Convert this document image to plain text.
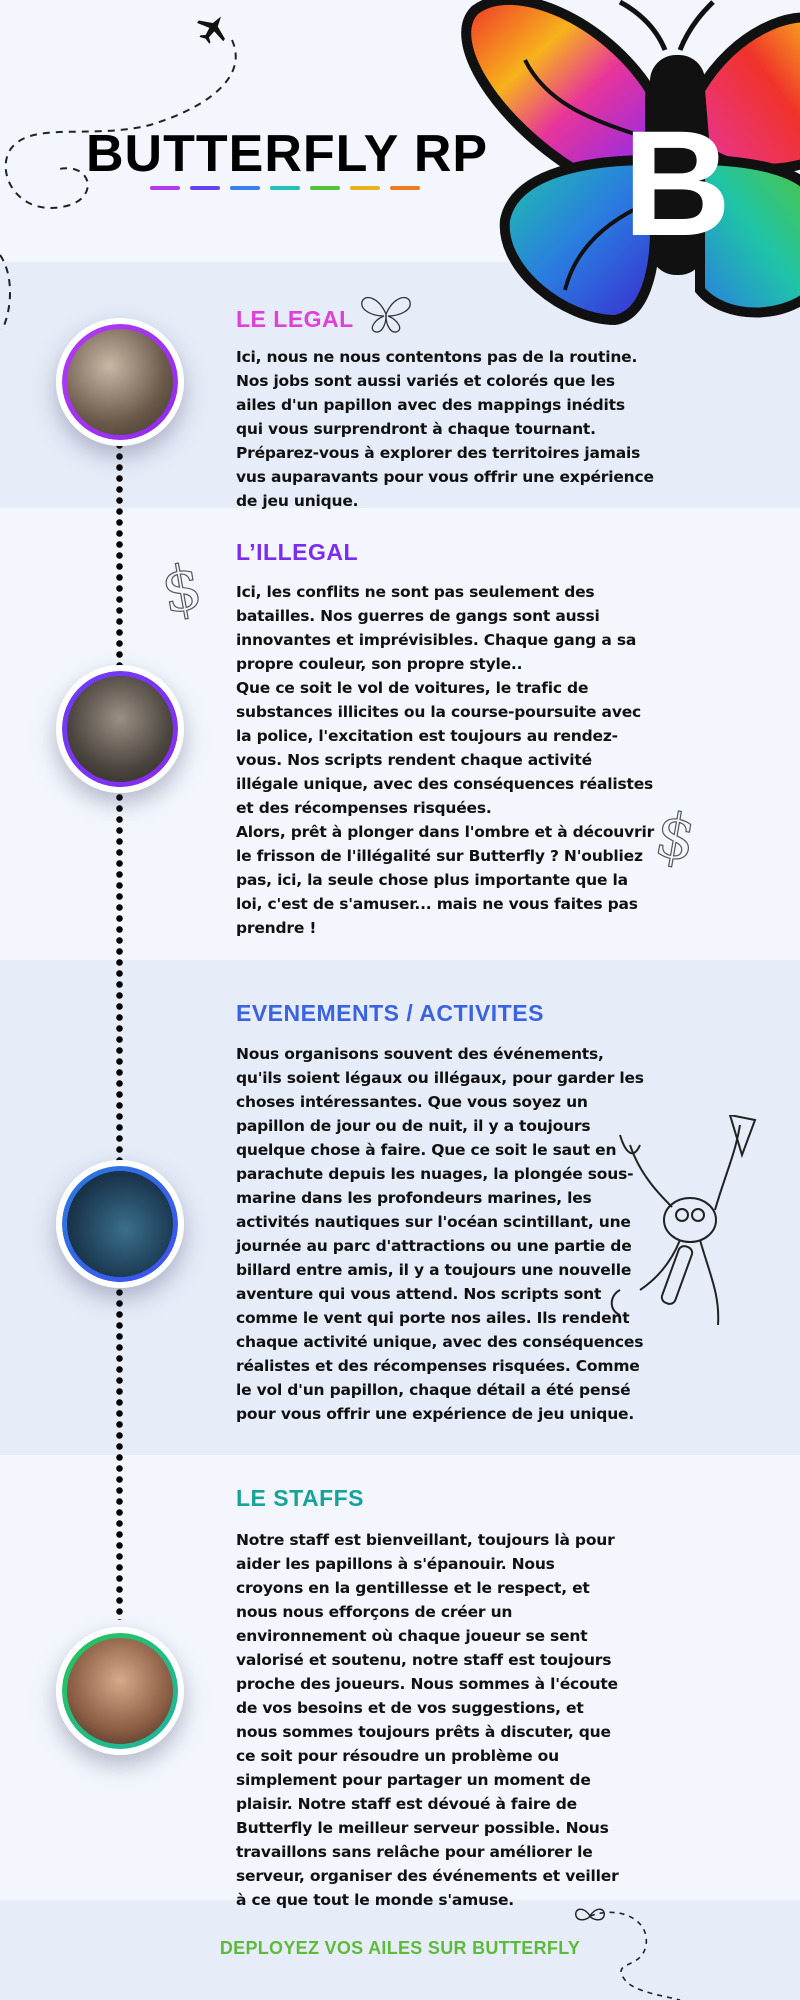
B
BUTTERFLY RP
LE LEGAL

Ici, nous ne nous contentons pas de la routine. Nos jobs sont aussi variés et colorés que les ailes d'un papillon avec des mappings inédits qui vous surprendront à chaque tournant. Préparez-vous à explorer des territoires jamais vus auparavants pour vous offrir une expérience de jeu unique.

L’ILLEGAL
$
$

Ici, les conflits ne sont pas seulement des batailles. Nos guerres de gangs sont aussi innovantes et imprévisibles. Chaque gang a sa propre couleur, son propre style..

Que ce soit le vol de voitures, le trafic de substances illicites ou la course-poursuite avec la police, l'excitation est toujours au rendez-vous. Nos scripts rendent chaque activité illégale unique, avec des conséquences réalistes et des récompenses risquées.

Alors, prêt à plonger dans l'ombre et à découvrir le frisson de l'illégalité sur Butterfly ? N'oubliez pas, ici, la seule chose plus importante que la loi, c'est de s'amuser... mais ne vous faites pas prendre !

EVENEMENTS / ACTIVITES

Nous organisons souvent des événements, qu'ils soient légaux ou illégaux, pour garder les choses intéressantes. Que vous soyez un papillon de jour ou de nuit, il y a toujours quelque chose à faire. Que ce soit le saut en parachute depuis les nuages, la plongée sous-marine dans les profondeurs marines, les activités nautiques sur l'océan scintillant, une journée au parc d'attractions ou une partie de billard entre amis, il y a toujours une nouvelle aventure qui vous attend. Nos scripts sont comme le vent qui porte nos ailes. Ils rendent chaque activité unique, avec des conséquences réalistes et des récompenses risquées. Comme le vol d'un papillon, chaque détail a été pensé pour vous offrir une expérience de jeu unique.

LE STAFFS

Notre staff est bienveillant, toujours là pour aider les papillons à s'épanouir. Nous croyons en la gentillesse et le respect, et nous nous efforçons de créer un environnement où chaque joueur se sent valorisé et soutenu, notre staff est toujours proche des joueurs. Nous sommes à l'écoute de vos besoins et de vos suggestions, et nous sommes toujours prêts à discuter, que ce soit pour résoudre un problème ou simplement pour partager un moment de plaisir. Notre staff est dévoué à faire de Butterfly le meilleur serveur possible. Nous travaillons sans relâche pour améliorer le serveur, organiser des événements et veiller à ce que tout le monde s'amuse.

DEPLOYEZ VOS AILES SUR BUTTERFLY
